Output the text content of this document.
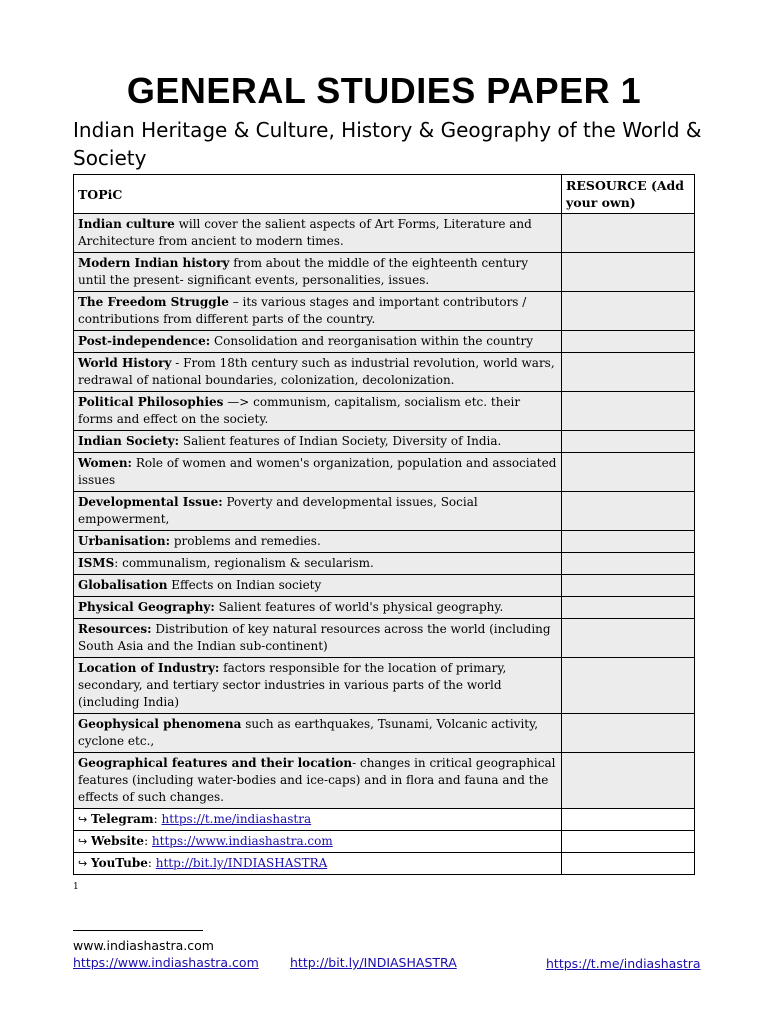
GENERAL STUDIES PAPER 1
Indian Heritage & Culture, History & Geography of the World & Society
TOPiC	RESOURCE (Add your own)
Indian culture will cover the salient aspects of Art Forms, Literature and Architecture from ancient to modern times.	
Modern Indian history from about the middle of the eighteenth century until the present- significant events, personalities, issues.	
The Freedom Struggle – its various stages and important contributors / contributions from different parts of the country.	
Post-independence: Consolidation and reorganisation within the country	
World History - From 18th century such as industrial revolution, world wars, redrawal of national boundaries, colonization, decolonization.	
Political Philosophies —> communism, capitalism, socialism etc. their forms and effect on the society.	
Indian Society: Salient features of Indian Society, Diversity of India.	
Women: Role of women and women's organization, population and associated issues	
Developmental Issue: Poverty and developmental issues, Social empowerment,	
Urbanisation: problems and remedies.	
ISMS: communalism, regionalism & secularism.	
Globalisation Effects on Indian society	
Physical Geography: Salient features of world's physical geography.	
Resources: Distribution of key natural resources across the world (including South Asia and the Indian sub-continent)	
Location of Industry: factors responsible for the location of primary, secondary, and tertiary sector industries in various parts of the world (including India)	
Geophysical phenomena such as earthquakes, Tsunami, Volcanic activity, cyclone etc.,	
Geographical features and their location- changes in critical geographical features (including water-bodies and ice-caps) and in flora and fauna and the effects of such changes.	
↪ Telegram: https://t.me/indiashastra	
↪ Website: https://www.indiashastra.com	
↪ YouTube: http://bit.ly/INDIASHASTRA	
1
www.indiashastra.com
https://www.indiashastra.com	http://bit.ly/INDIASHASTRA	https://t.me/indiashastra
